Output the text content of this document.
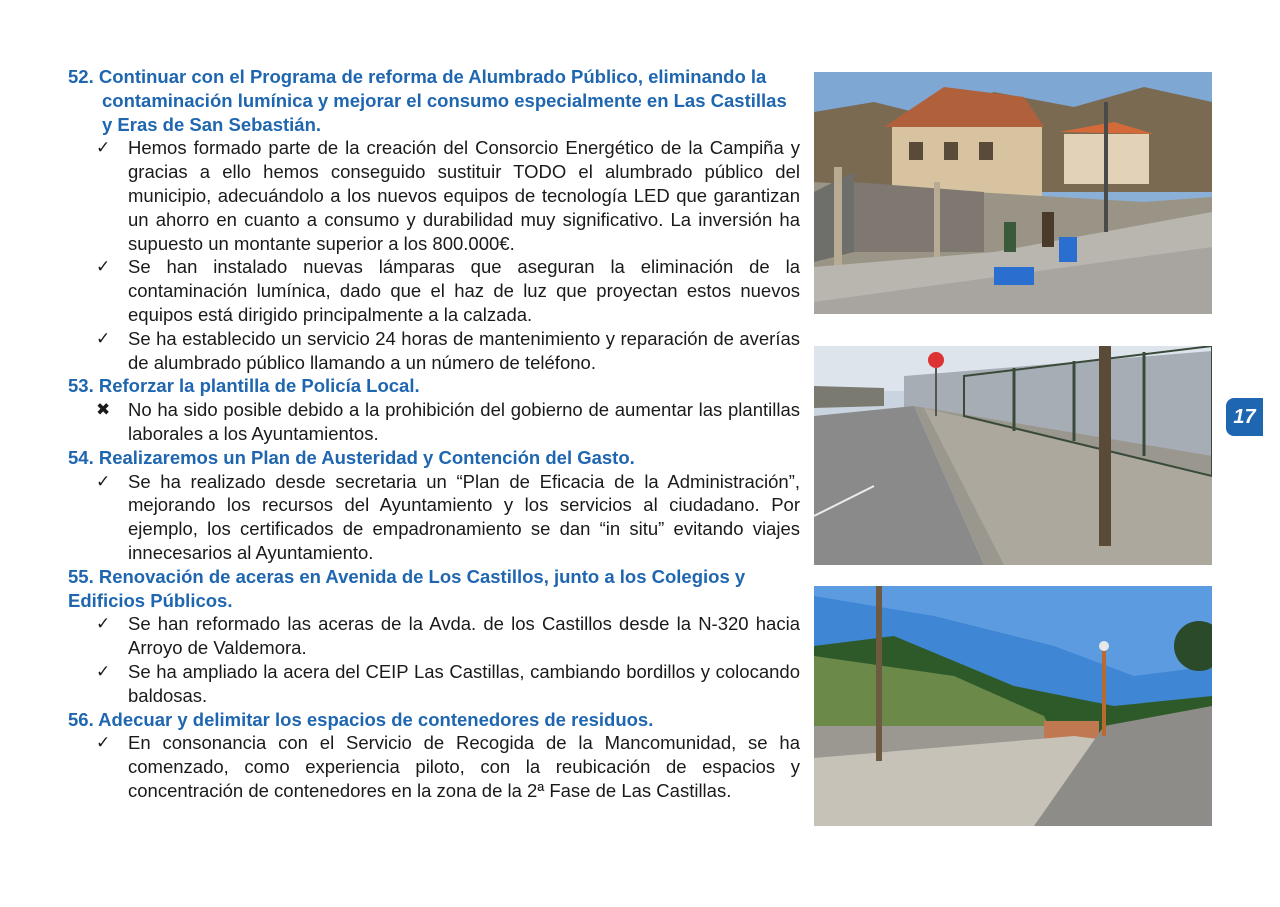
52. Continuar con el Programa de reforma de Alumbrado Público, eliminando la contaminación lumínica y mejorar el consumo especialmente en Las Castillas y Eras de San Sebastián.

✓ Hemos formado parte de la creación del Consorcio Energético de la Campiña y gracias a ello hemos conseguido sustituir TODO el alumbrado público del municipio, adecuándolo a los nuevos equipos de tecnología LED que garantizan un ahorro en cuanto a consumo y durabilidad muy significativo. La inversión ha supuesto un montante superior a los 800.000€.

✓ Se han instalado nuevas lámparas que aseguran la eliminación de la contaminación lumínica, dado que el haz de luz que proyectan estos nuevos equipos está dirigido principalmente a la calzada.

✓ Se ha establecido un servicio 24 horas de mantenimiento y reparación de averías de alumbrado público llamando a un número de teléfono.

53. Reforzar la plantilla de Policía Local.

✖ No ha sido posible debido a la prohibición del gobierno de aumentar las plantillas laborales a los Ayuntamientos.

54. Realizaremos un Plan de Austeridad y Contención del Gasto.

✓ Se ha realizado desde secretaria un “Plan de Eficacia de la Administración”, mejorando los recursos del Ayuntamiento y los servicios al ciudadano. Por ejemplo, los certificados de empadronamiento se dan “in situ” evitando viajes innecesarios al Ayuntamiento.

55. Renovación de aceras en Avenida de Los Castillos, junto a los Colegios y Edificios Públicos.

✓ Se han reformado las aceras de la Avda. de los Castillos desde la N-320 hacia Arroyo de Valdemora.

✓ Se ha ampliado la acera del CEIP Las Castillas, cambiando bordillos y colocando baldosas.

56. Adecuar y delimitar los espacios de contenedores de residuos.

✓ En consonancia con el Servicio de Recogida de la Mancomunidad, se ha comenzado, como experiencia piloto, con la reubicación de espacios y concentración de contenedores en la zona de la 2ª Fase de Las Castillas.

17
